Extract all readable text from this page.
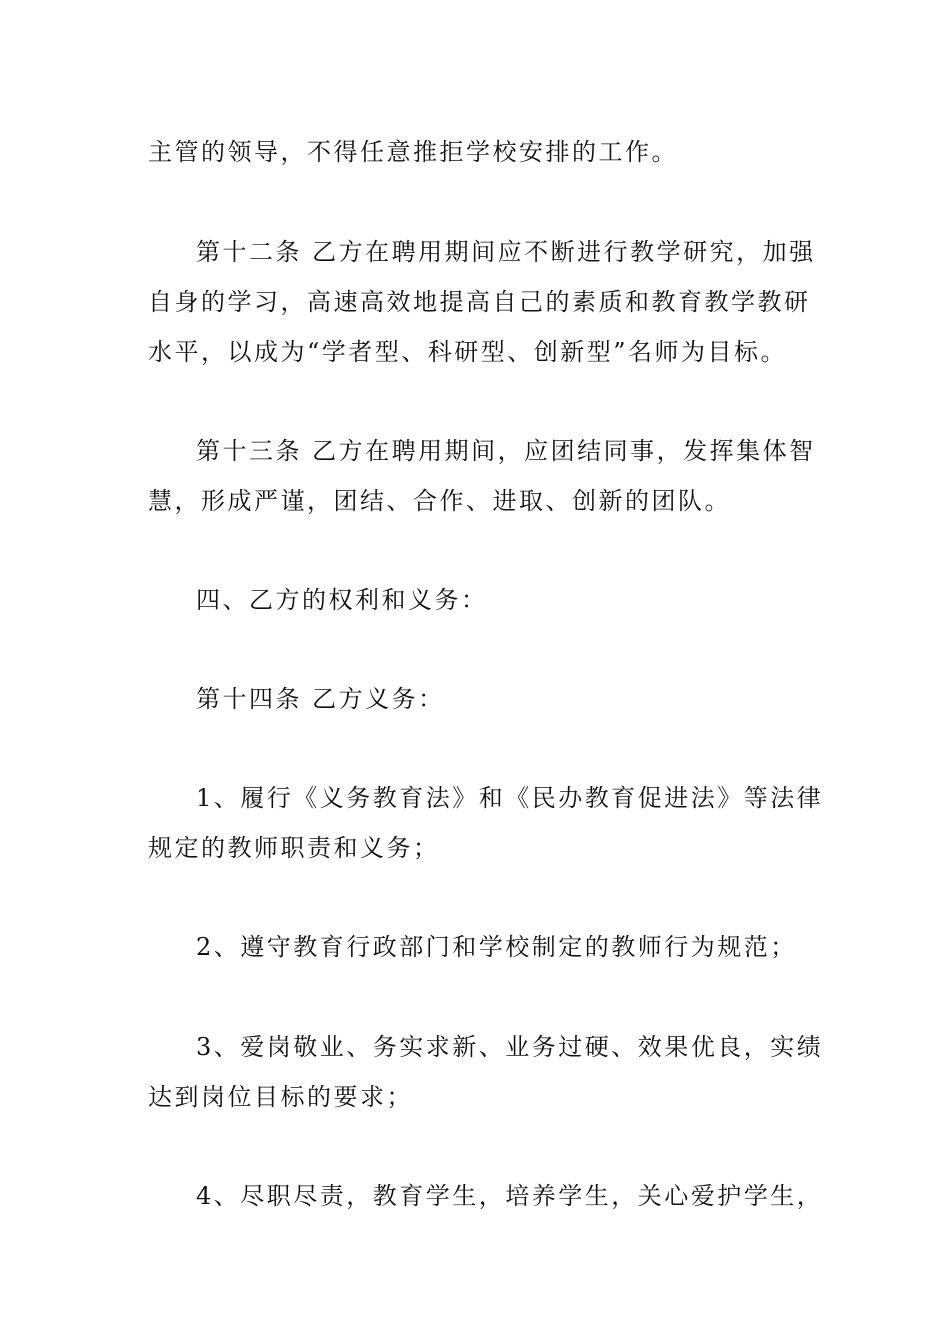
主管的领导，不得任意推拒学校安排的工作。
第十二条 乙方在聘用期间应不断进行教学研究，加强
自身的学习，高速高效地提高自己的素质和教育教学教研
水平，以成为“学者型、科研型、创新型”名师为目标。
第十三条 乙方在聘用期间，应团结同事，发挥集体智
慧，形成严谨，团结、合作、进取、创新的团队。
四、乙方的权利和义务：
第十四条 乙方义务：
1、履行《义务教育法》和《民办教育促进法》等法律
规定的教师职责和义务；
2、遵守教育行政部门和学校制定的教师行为规范；
3、爱岗敬业、务实求新、业务过硬、效果优良，实绩
达到岗位目标的要求；
4、尽职尽责，教育学生，培养学生，关心爱护学生，
